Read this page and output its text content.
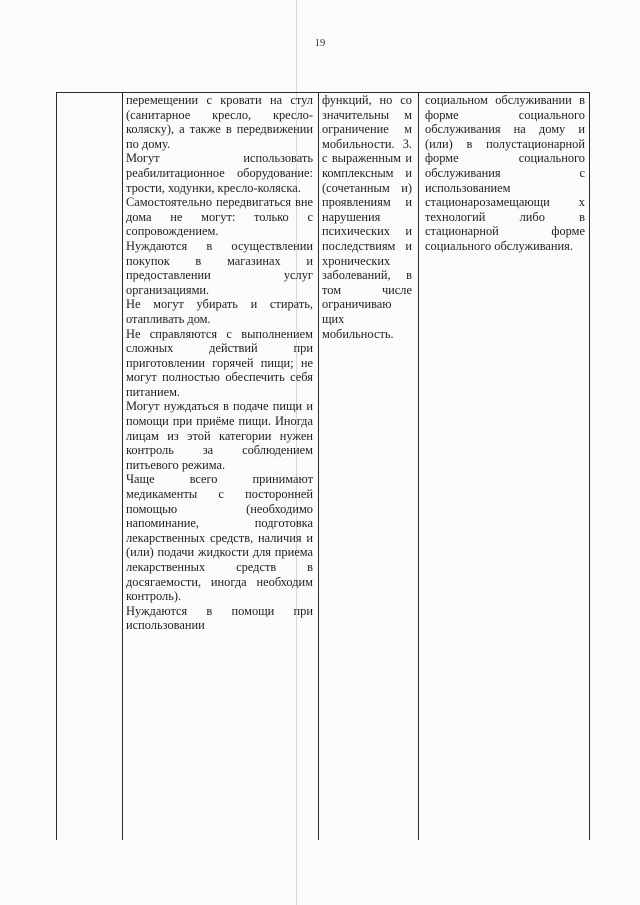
19

перемещении с кровати на стул (санитарное кресло, кресло-коляску), а также в передвижении по дому.

Могут использовать реабилитационное оборудование: трости, ходунки, кресло-коляска.

Самостоятельно передвигаться вне дома не могут: только с сопровождением.

Нуждаются в осуществлении покупок в магазинах и предоставлении услуг организациями.

Не могут убирать и стирать, отапливать дом.

Не справляются с выполнением сложных действий при приготовлении горячей пищи; не могут полностью обеспечить себя питанием.

Могут нуждаться в подаче пищи и помощи при приёме пищи. Иногда лицам из этой категории нужен контроль за соблюдением питьевого режима.

Чаще всего принимают медикаменты с посторонней помощью (необходимо напоминание, подготовка лекарственных средств, наличия и (или) подачи жидкости для приема лекарственных средств в досягаемости, иногда необходим контроль).

Нуждаются в помощи при использовании

функций, но со значительны м ограничение м мобильности. 3. с выраженным и комплексным и (сочетанным и) проявлениям и нарушения психических и последствиям и хронических заболеваний, в том числе ограничиваю щих мобильность.

социальном обслуживании в форме социального обслуживания на дому и (или) в полустационарной форме социального обслуживания с использованием стационарозамещающи х технологий либо в стационарной форме социального обслуживания.
